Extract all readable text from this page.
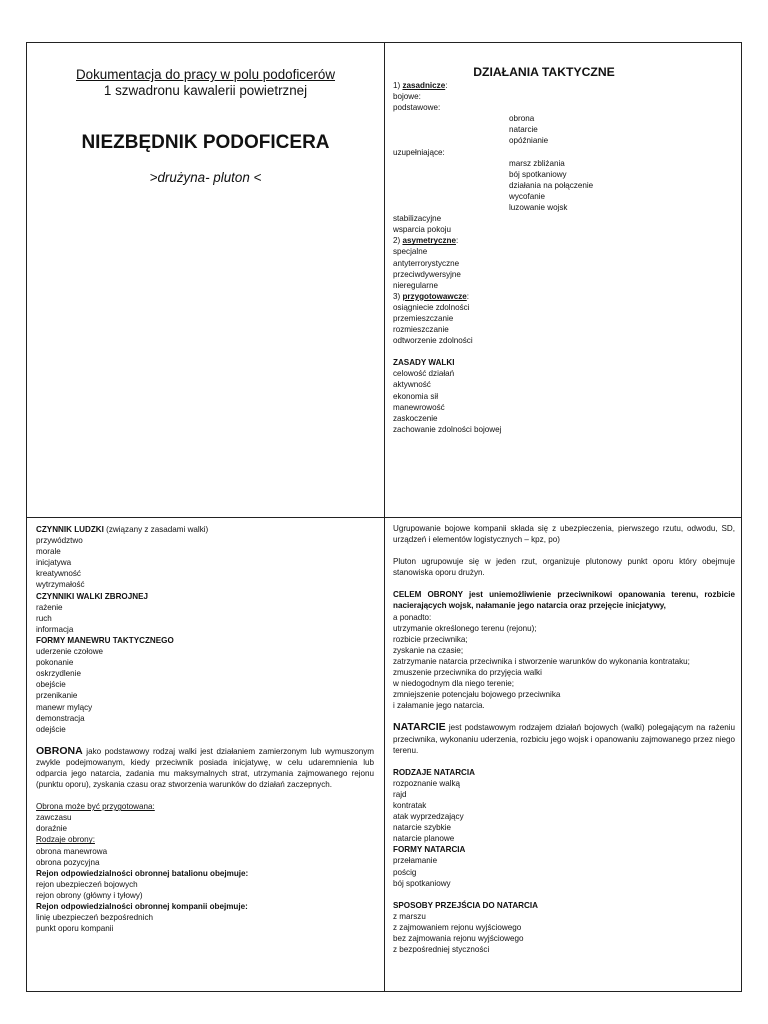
Dokumentacja do pracy w polu podoficerów
1 szwadronu kawalerii powietrznej
NIEZBĘDNIK PODOFICERA
>drużyna- pluton <
DZIAŁANIA TAKTYCZNE
1) zasadnicze:
bojowe:
podstawowe:
obrona
natarcie
opóźnianie
uzupełniające:
marsz zbliżania
bój spotkaniowy
działania na połączenie
wycofanie
luzowanie wojsk
stabilizacyjne
wsparcia pokoju
2) asymetryczne:
specjalne
antyterrorystyczne
przeciwdywersyjne
nieregularne
3) przygotowawcze:
osiągniecie zdolności
przemieszczanie
rozmieszczanie
odtworzenie zdolności
ZASADY WALKI
celowość działań
aktywność
ekonomia sił
manewrowość
zaskoczenie
zachowanie zdolności bojowej
CZYNNIK LUDZKI (związany z zasadami walki)
przywództwo
morale
inicjatywa
kreatywność
wytrzymałość
CZYNNIKI WALKI ZBROJNEJ
rażenie
ruch
informacja
FORMY MANEWRU TAKTYCZNEGO
uderzenie czołowe
pokonanie
oskrzydlenie
obejście
przenikanie
manewr mylący
demonstracja
odejście
OBRONA jako podstawowy rodzaj walki jest działaniem zamierzonym lub wymuszonym zwykle podejmowanym, kiedy przeciwnik posiada inicjatywę, w celu udaremnienia lub odparcia jego natarcia, zadania mu maksymalnych strat, utrzymania zajmowanego rejonu (punktu oporu), zyskania czasu oraz stworzenia warunków do działań zaczepnych.
Obrona może być przygotowana:
zawczasu
doraźnie
Rodzaje obrony:
obrona manewrowa
obrona pozycyjna
Rejon odpowiedzialności obronnej batalionu obejmuje:
rejon ubezpieczeń bojowych
rejon obrony (główny i tyłowy)
Rejon odpowiedzialności obronnej kompanii obejmuje:
linię ubezpieczeń bezpośrednich
punkt oporu kompanii
Ugrupowanie bojowe kompanii składa się z ubezpieczenia, pierwszego rzutu, odwodu, SD, urządzeń i elementów logistycznych – kpz, po)
Pluton ugrupowuje się w jeden rzut, organizuje plutonowy punkt oporu który obejmuje stanowiska oporu drużyn.
CELEM OBRONY jest uniemożliwienie przeciwnikowi opanowania terenu, rozbicie nacierających wojsk, nałamanie jego natarcia oraz przejęcie inicjatywy,
a ponadto:
utrzymanie określonego terenu (rejonu);
rozbicie przeciwnika;
zyskanie na czasie;
zatrzymanie natarcia przeciwnika i stworzenie warunków do wykonania kontrataku;
zmuszenie przeciwnika do przyjęcia walki
w niedogodnym dla niego terenie;
zmniejszenie potencjału bojowego przeciwnika
i załamanie jego natarcia.
NATARCIE jest podstawowym rodzajem działań bojowych (walki) polegającym na rażeniu przeciwnika, wykonaniu uderzenia, rozbiciu jego wojsk i opanowaniu zajmowanego przez niego terenu.
RODZAJE NATARCIA
rozpoznanie walką
rajd
kontratak
atak wyprzedzający
natarcie szybkie
natarcie planowe
FORMY NATARCIA
przełamanie
pościg
bój spotkaniowy
SPOSOBY PRZEJŚCIA DO NATARCIA
z marszu
z zajmowaniem rejonu wyjściowego
bez zajmowania rejonu wyjściowego
z bezpośredniej styczności
